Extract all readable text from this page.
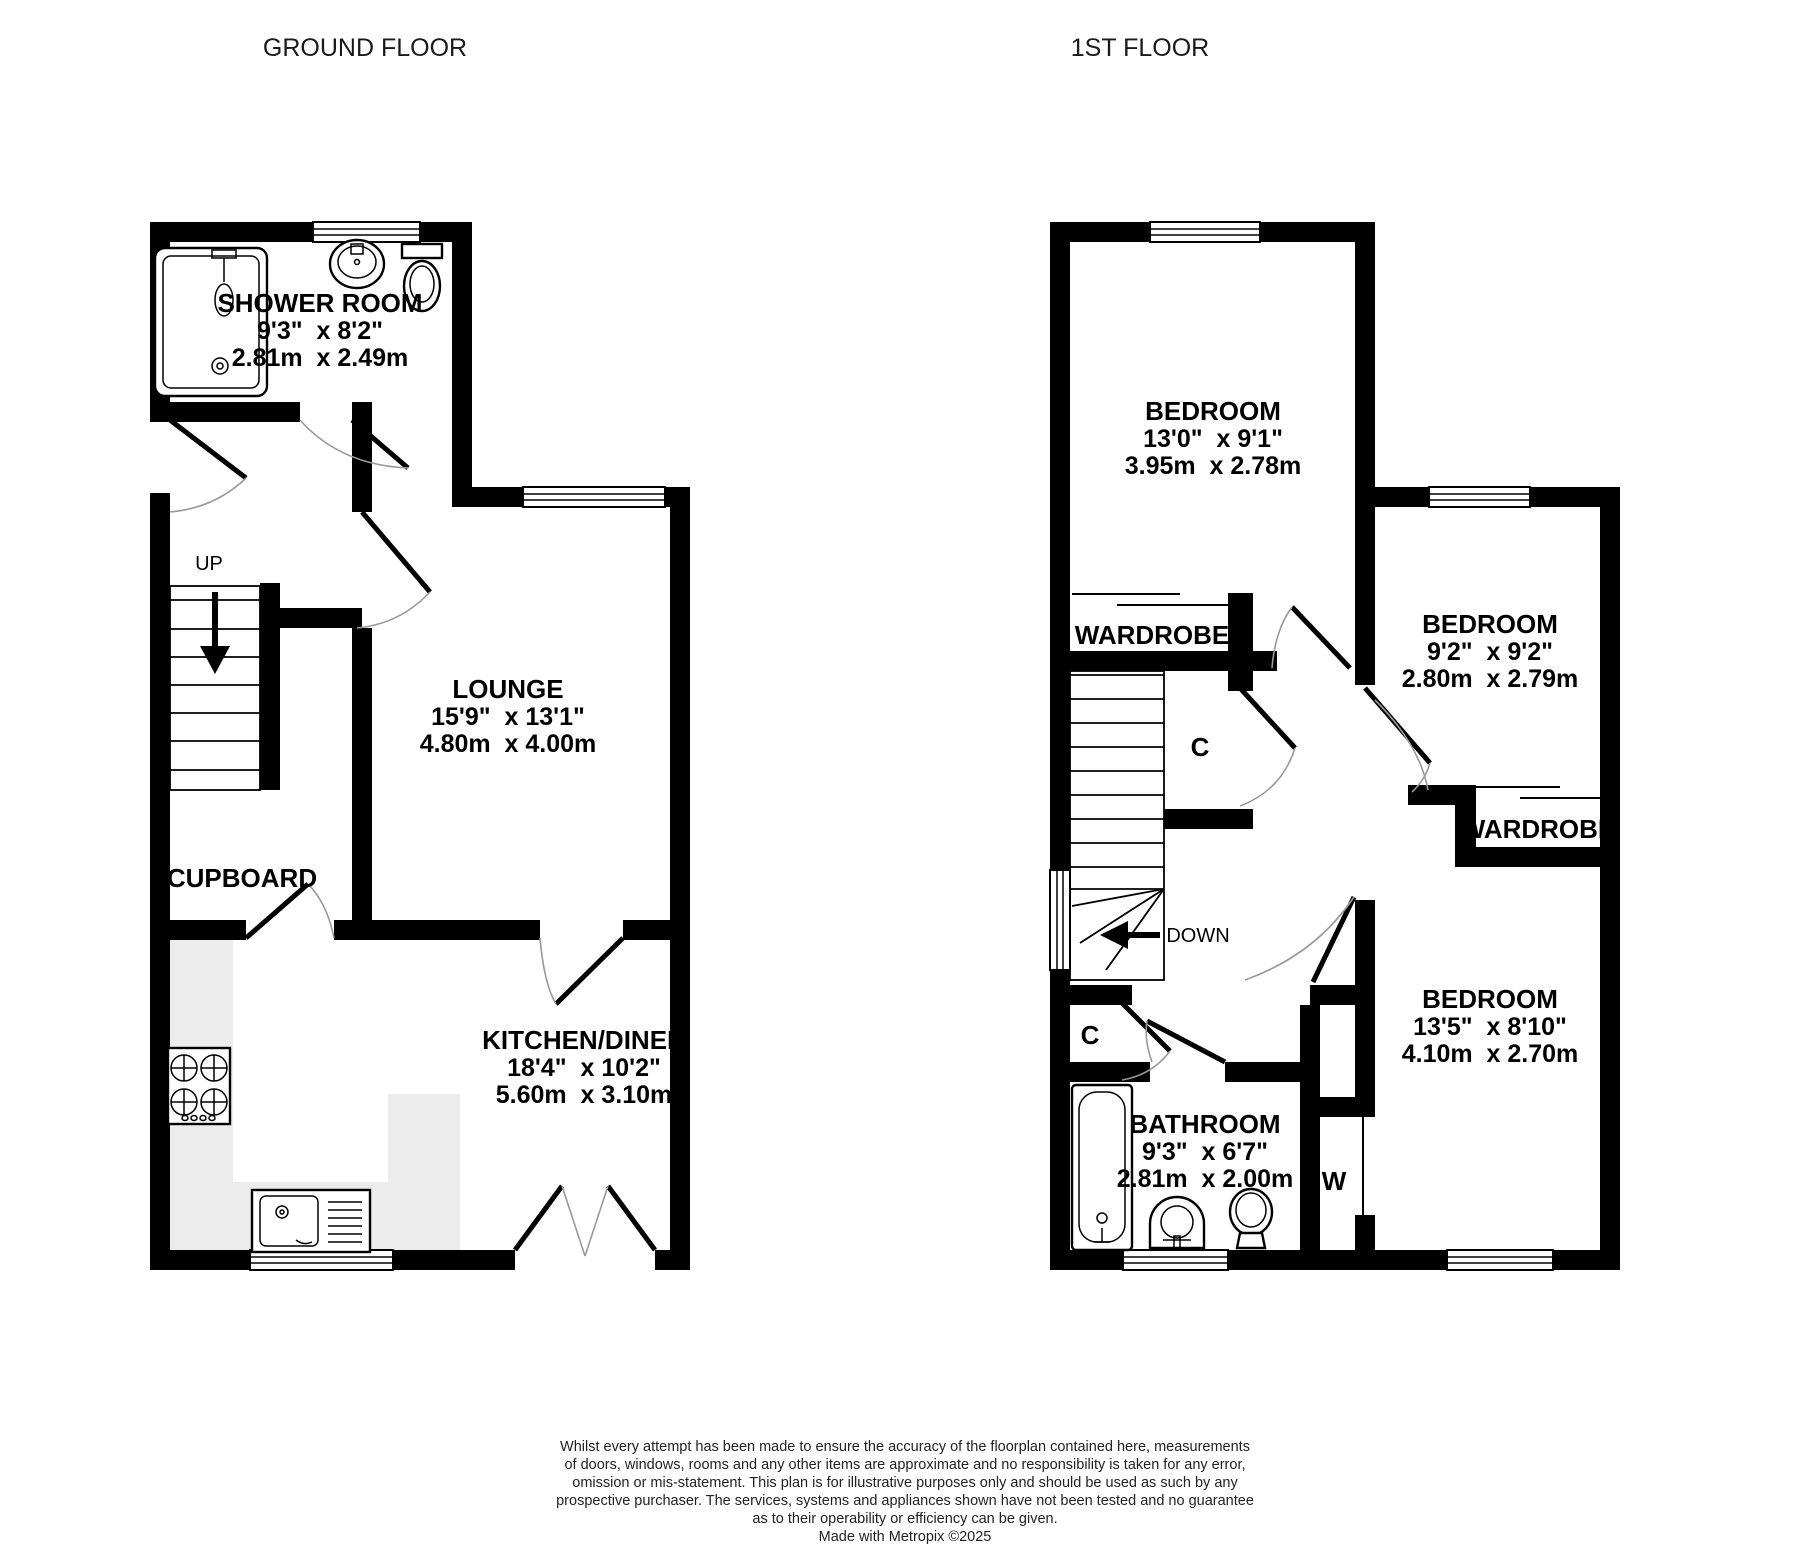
GROUND FLOOR	1ST FLOOR
SHOWER ROOM
9'3"  x 8'2"
2.81m  x 2.49m
UP
LOUNGE
15'9"  x 13'1"
4.80m  x 4.00m
CUPBOARD
KITCHEN/DINER
18'4"  x 10'2"
5.60m  x 3.10m
BEDROOM
13'0"  x 9'1"
3.95m  x 2.78m
WARDROBE	BEDROOM
9'2"  x 9'2"
2.80m  x 2.79m
C
WARDROBE
DOWN
BEDROOM
13'5"  x 8'10"
4.10m  x 2.70m
C
BATHROOM
9'3"  x 6'7"
2.81m  x 2.00m W
Whilst every attempt has been made to ensure the accuracy of the floorplan contained here, measurements
of doors, windows, rooms and any other items are approximate and no responsibility is taken for any error,
omission or mis-statement. This plan is for illustrative purposes only and should be used as such by any
prospective purchaser. The services, systems and appliances shown have not been tested and no guarantee
as to their operability or efficiency can be given.
Made with Metropix ©2025
